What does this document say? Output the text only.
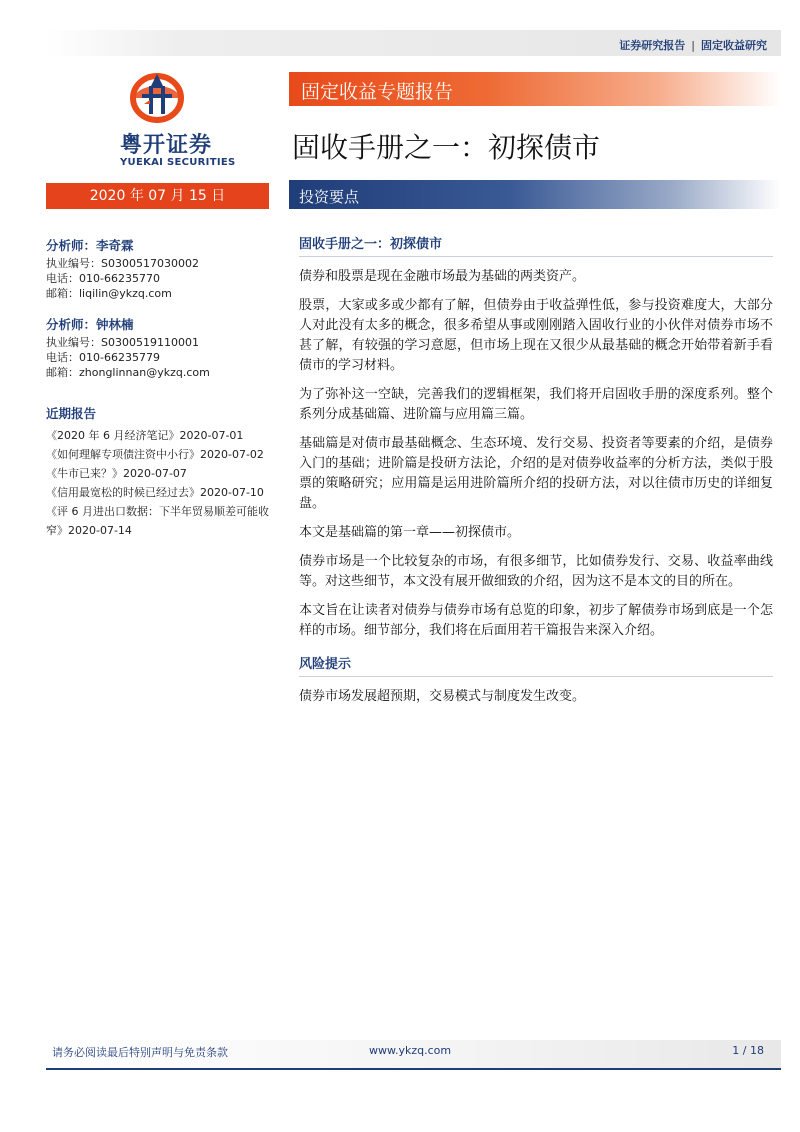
证券研究报告 | 固定收益研究
粤开证券
YUEKAI SECURITIES
固定收益专题报告
固收手册之一：初探债市
2020 年 07 月 15 日	投资要点
分析师：李奇霖
执业编号：S0300517030002
电话：010-66235770
邮箱：liqilin@ykzq.com
分析师：钟林楠
执业编号：S0300519110001
电话：010-66235779
邮箱：zhonglinnan@ykzq.com
近期报告
《2020 年 6 月经济笔记》2020-07-01
《如何理解专项债注资中小行》2020-07-02
《牛市已来？》2020-07-07
《信用最宽松的时候已经过去》2020-07-10
《评 6 月进出口数据：下半年贸易顺差可能收窄》2020-07-14
固收手册之一：初探债市

债券和股票是现在金融市场最为基础的两类资产。

股票，大家或多或少都有了解，但债券由于收益弹性低，参与投资难度大，大部分人对此没有太多的概念，很多希望从事或刚刚踏入固收行业的小伙伴对债券市场不甚了解，有较强的学习意愿，但市场上现在又很少从最基础的概念开始带着新手看债市的学习材料。

为了弥补这一空缺，完善我们的逻辑框架，我们将开启固收手册的深度系列。整个系列分成基础篇、进阶篇与应用篇三篇。

基础篇是对债市最基础概念、生态环境、发行交易、投资者等要素的介绍，是债券入门的基础；进阶篇是投研方法论，介绍的是对债券收益率的分析方法，类似于股票的策略研究；应用篇是运用进阶篇所介绍的投研方法，对以往债市历史的详细复盘。

本文是基础篇的第一章——初探债市。

债券市场是一个比较复杂的市场，有很多细节，比如债券发行、交易、收益率曲线等。对这些细节，本文没有展开做细致的介绍，因为这不是本文的目的所在。

本文旨在让读者对债券与债券市场有总览的印象，初步了解债券市场到底是一个怎样的市场。细节部分，我们将在后面用若干篇报告来深入介绍。

风险提示

债券市场发展超预期，交易模式与制度发生改变。

请务必阅读最后特别声明与免责条款	www.ykzq.com	1 / 18
